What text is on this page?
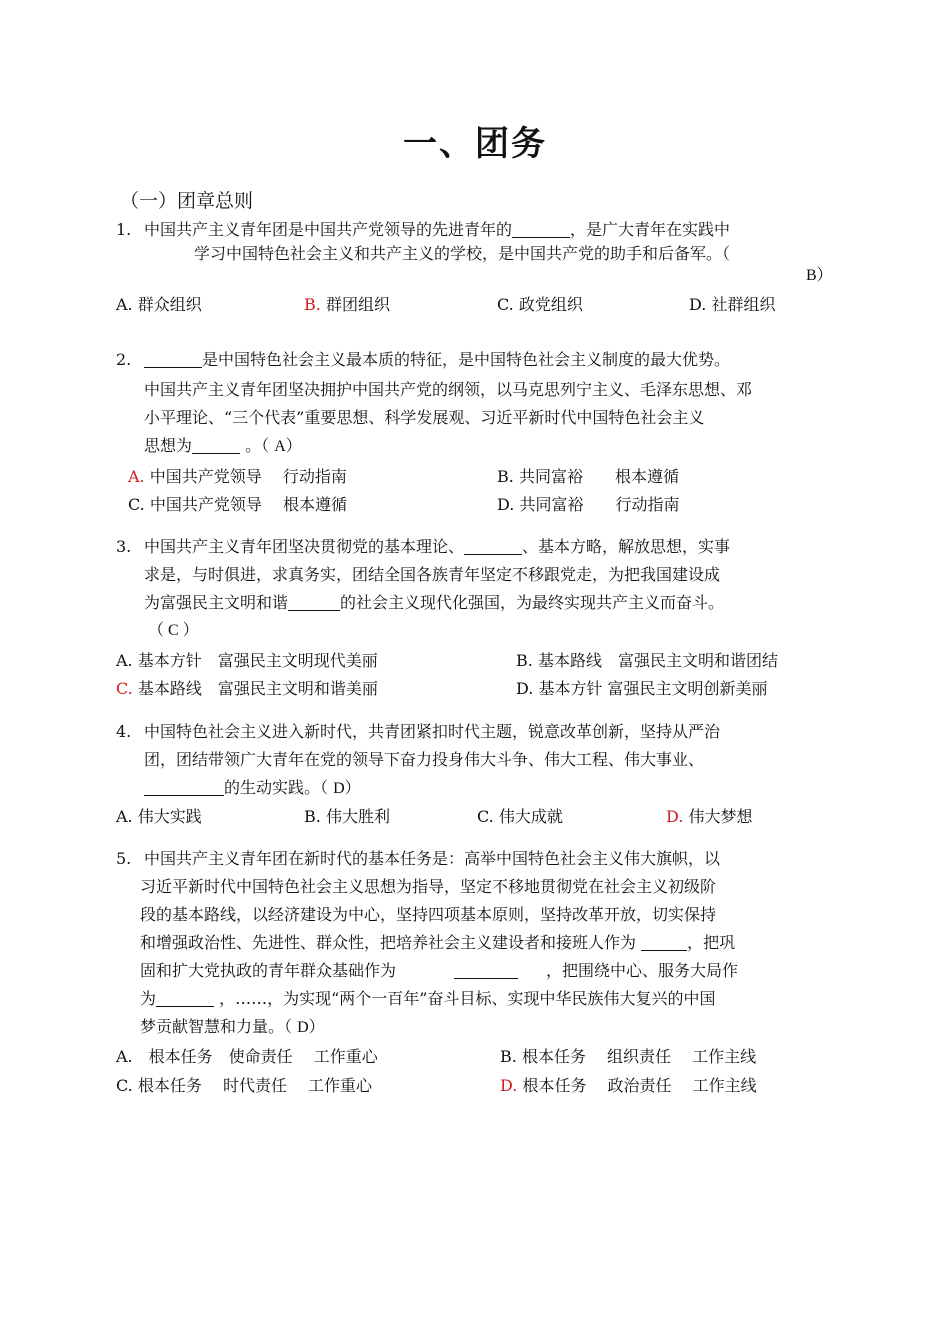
一、团务
（一）团章总则
1. 中国共产主义青年团是中国共产党领导的先进青年的	，是广大青年在实践中
学习中国特色社会主义和共产主义的学校，是中国共产党的助手和后备军。（
B）
A. 群众组织	B. 群团组织	C. 政党组织	D. 社群组织
2.	是中国特色社会主义最本质的特征，是中国特色社会主义制度的最大优势。
中国共产主义青年团坚决拥护中国共产党的纲领，以马克思列宁主义、毛泽东思想、邓
小平理论、“三个代表”重要思想、科学发展观、习近平新时代中国特色社会主义
思想为	。（ A）
A. 中国共产党领导　 行动指南	B. 共同富裕　　根本遵循
C. 中国共产党领导　 根本遵循	D. 共同富裕　　行动指南
3. 中国共产主义青年团坚决贯彻党的基本理论、	、基本方略，解放思想，实事
求是，与时俱进，求真务实，团结全国各族青年坚定不移跟党走，为把我国建设成
为富强民主文明和谐	的社会主义现代化强国，为最终实现共产主义而奋斗。
（ C ）
A. 基本方针　富强民主文明现代美丽	B. 基本路线　富强民主文明和谐团结
C. 基本路线　富强民主文明和谐美丽	D. 基本方针 富强民主文明创新美丽
4. 中国特色社会主义进入新时代，共青团紧扣时代主题，锐意改革创新，坚持从严治
团，团结带领广大青年在党的领导下奋力投身伟大斗争、伟大工程、伟大事业、
的生动实践。（ D）
A. 伟大实践	B. 伟大胜利	C. 伟大成就	D. 伟大梦想
5. 中国共产主义青年团在新时代的基本任务是：高举中国特色社会主义伟大旗帜，以
习近平新时代中国特色社会主义思想为指导，坚定不移地贯彻党在社会主义初级阶
段的基本路线，以经济建设为中心，坚持四项基本原则，坚持改革开放，切实保持
和增强政治性、先进性、群众性，把培养社会主义建设者和接班人作为	，把巩
固和扩大党执政的青年群众基础作为	，把围绕中心、服务大局作
为	，……，为实现“两个一百年”奋斗目标、实现中华民族伟大复兴的中国
梦贡献智慧和力量。（ D）
A.　 根本任务　使命责任　 工作重心	B. 根本任务　 组织责任　 工作主线
C. 根本任务　 时代责任　 工作重心	D. 根本任务　 政治责任　 工作主线
